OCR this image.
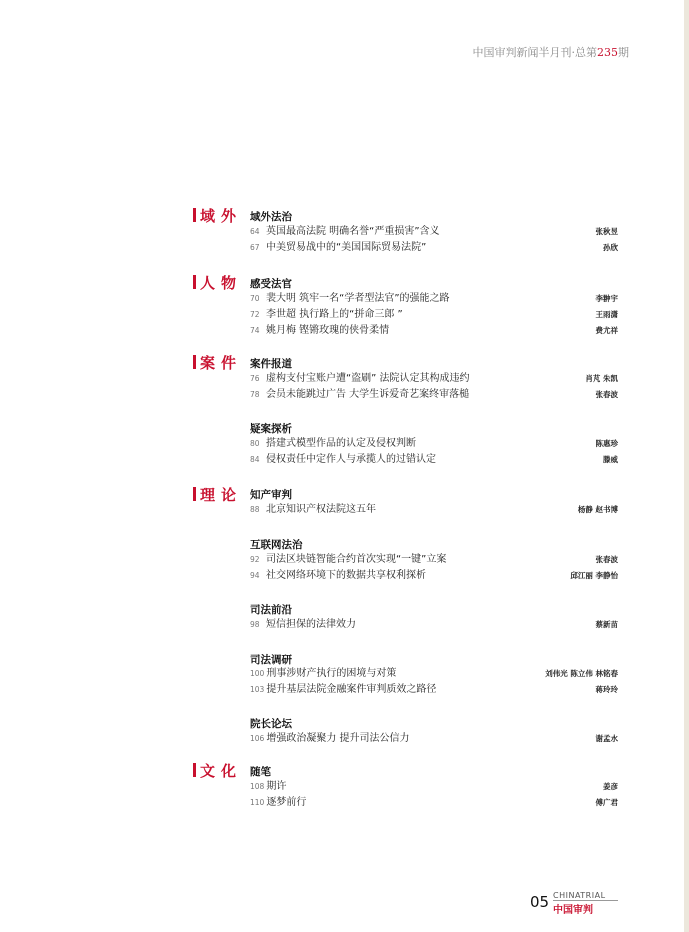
中国审判新闻半月刊·总第235期
域外
人物
案件
理论
文化
域外法治
感受法官
案件报道
疑案探析
知产审判
互联网法治
司法前沿
司法调研
院长论坛
随笔
64 英国最高法院 明确名誉“严重损害”含义	张秋昱
67 中美贸易战中的“美国国际贸易法院”	孙欣
70 裴大明 筑牢一名“学者型法官”的强能之路	李翀宇
72 李世超 执行路上的“拼命三郎 ”	王雨潇
74 姚月梅 铿锵玫瑰的侠骨柔情	费尤祥
76 虚构支付宝账户遭“盗刷” 法院认定其构成违约	肖芃 朱凯
78 会员未能跳过广告 大学生诉爱奇艺案终审落槌	张春波
80 搭建式模型作品的认定及侵权判断	陈惠珍
84 侵权责任中定作人与承揽人的过错认定	滕威
88 北京知识产权法院这五年	杨静 赵书博
92 司法区块链智能合约首次实现“一键”立案	张春波
94 社交网络环境下的数据共享权利探析	邱江丽 李静怡
98 短信担保的法律效力	蔡新苗
100 刑事涉财产执行的困境与对策	刘伟光 陈立伟 林铭春
103 提升基层法院金融案件审判质效之路径	蒋玲玲
106 增强政治凝聚力 提升司法公信力	谢孟水
108 期许	姜彦
110 逐梦前行	傅广君
05 CHINATRIAL
中国审判
